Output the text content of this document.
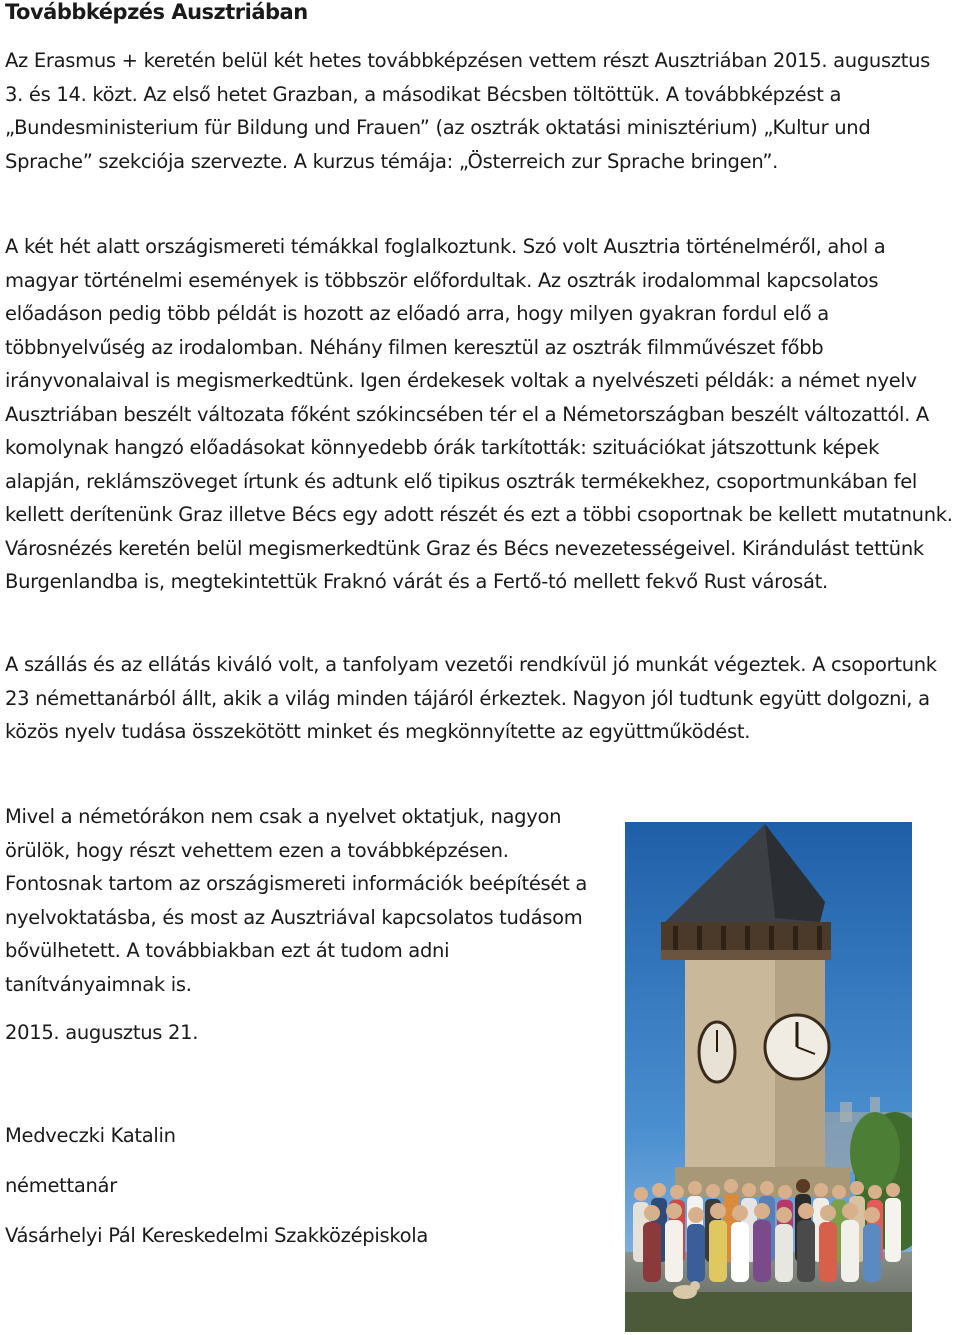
Továbbképzés Ausztriában

Az Erasmus + keretén belül két hetes továbbképzésen vettem részt Ausztriában 2015. augusztus 3. és 14. közt. Az első hetet Grazban, a másodikat Bécsben töltöttük. A továbbképzést a „Bundesministerium für Bildung und Frauen” (az osztrák oktatási minisztérium) „Kultur und Sprache” szekciója szervezte. A kurzus témája: „Österreich zur Sprache bringen”.

A két hét alatt országismereti témákkal foglalkoztunk. Szó volt Ausztria történelméről, ahol a magyar történelmi események is többször előfordultak. Az osztrák irodalommal kapcsolatos előadáson pedig több példát is hozott az előadó arra, hogy milyen gyakran fordul elő a többnyelvűség az irodalomban. Néhány filmen keresztül az osztrák filmművészet főbb irányvonalaival is megismerkedtünk. Igen érdekesek voltak a nyelvészeti példák: a német nyelv Ausztriában beszélt változata főként szókincsében tér el a Németországban beszélt változattól. A komolynak hangzó előadásokat könnyedebb órák tarkították: szituációkat játszottunk képek alapján, reklámszöveget írtunk és adtunk elő tipikus osztrák termékekhez, csoportmunkában fel kellett derítenünk Graz illetve Bécs egy adott részét és ezt a többi csoportnak be kellett mutatnunk. Városnézés keretén belül megismerkedtünk Graz és Bécs nevezetességeivel. Kirándulást tettünk Burgenlandba is, megtekintettük Fraknó várát és a Fertő-tó mellett fekvő Rust városát.

A szállás és az ellátás kiváló volt, a tanfolyam vezetői rendkívül jó munkát végeztek. A csoportunk 23 némettanárból állt, akik a világ minden tájáról érkeztek. Nagyon jól tudtunk együtt dolgozni, a közös nyelv tudása összekötött minket és megkönnyítette az együttműködést.

Mivel a németórákon nem csak a nyelvet oktatjuk, nagyon örülök, hogy részt vehettem ezen a továbbképzésen. Fontosnak tartom az országismereti információk beépítését a nyelvoktatásba, és most az Ausztriával kapcsolatos tudásom bővülhetett. A továbbiakban ezt át tudom adni tanítványaimnak is.

2015. augusztus 21.

Medveczki Katalin

némettanár

Vásárhelyi Pál Kereskedelmi Szakközépiskola
